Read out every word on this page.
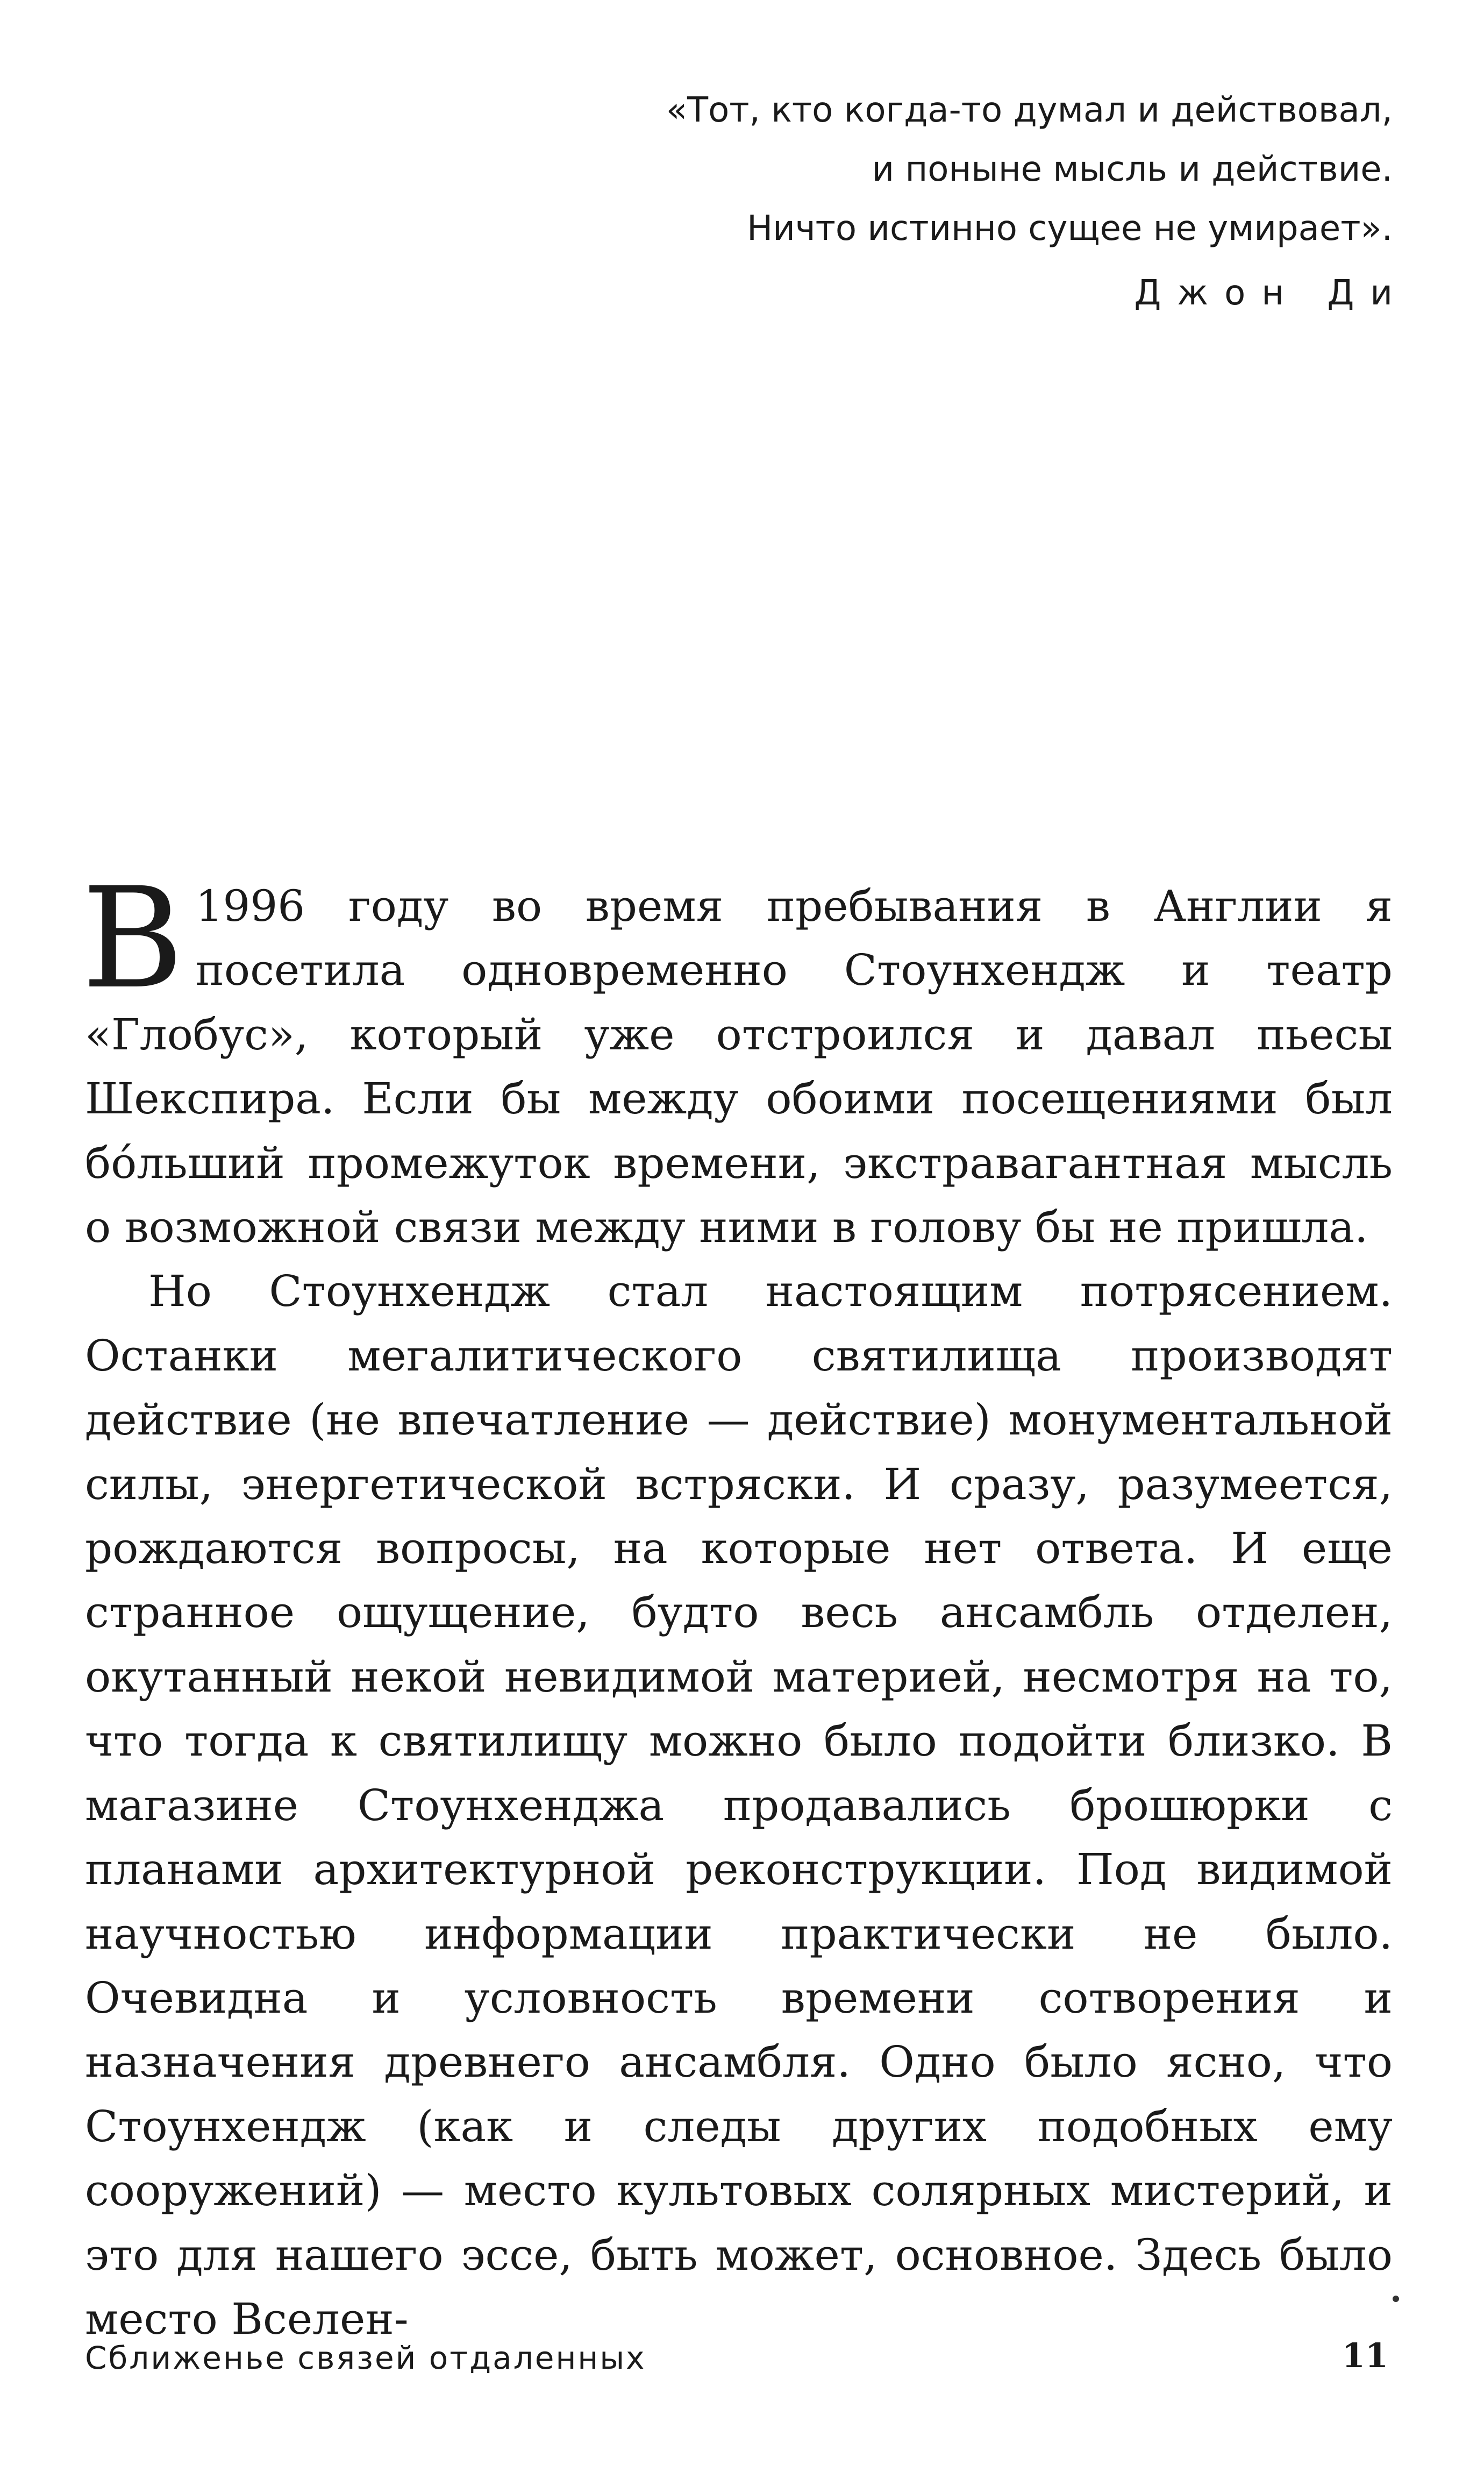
«Тот, кто когда-то думал и действовал,
и поныне мысль и действие.
Ничто истинно сущее не умирает».
Джон Ди

В 1996 году во время пребывания в Англии я посетила одновременно Стоунхендж и театр «Глобус», который уже отстроился и давал пьесы Шекспира. Если бы между обоими посещениями был бóльший промежуток времени, экстравагантная мысль о возможной связи между ними в голову бы не пришла.

Но Стоунхендж стал настоящим потрясением. Останки мегалитического святилища производят действие (не впечатление — действие) монументальной силы, энергетической встряски. И сразу, разумеется, рождаются вопросы, на которые нет ответа. И еще странное ощущение, будто весь ансамбль отделен, окутанный некой невидимой материей, несмотря на то, что тогда к святилищу можно было подойти близко. В магазине Стоунхенджа продавались брошюрки с планами архитектурной реконструкции. Под видимой научностью информации практически не было. Очевидна и условность времени сотворения и назначения древнего ансамбля. Одно было ясно, что Стоунхендж (как и следы других подобных ему сооружений) — место культовых солярных мистерий, и это для нашего эссе, быть может, основное. Здесь было место Вселен-

Сближенье связей отдаленных	11
